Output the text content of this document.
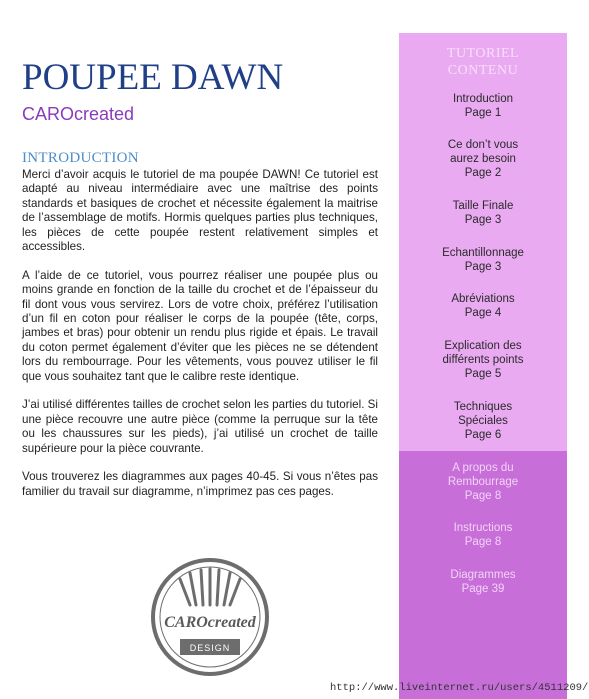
POUPEE DAWN
CAROcreated
INTRODUCTION

Merci d’avoir acquis le tutoriel de ma poupée DAWN! Ce tutoriel est adapté au niveau intermédiaire avec une maîtrise des points standards et basiques de crochet et nécessite également la maitrise de l’assemblage de motifs. Hormis quelques parties plus techniques, les pièces de cette poupée restent relativement simples et accessibles.

A l’aide de ce tutoriel, vous pourrez réaliser une poupée plus ou moins grande en fonction de la taille du crochet et de l’épaisseur du fil dont vous vous servirez. Lors de votre choix, préférez l’utilisation d’un fil en coton pour réaliser le corps de la poupée (tête, corps, jambes et bras) pour obtenir un rendu plus rigide et épais. Le travail du coton permet également d’éviter que les pièces ne se détendent lors du rembourrage. Pour les vêtements, vous pouvez utiliser le fil que vous souhaitez tant que le calibre reste identique.

J’ai utilisé différentes tailles de crochet selon les parties du tutoriel. Si une pièce recouvre une autre pièce (comme la perruque sur la tête ou les chaussures sur les pieds), j’ai utilisé un crochet de taille supérieure pour la pièce couvrante.

Vous trouverez les diagrammes aux pages 40-45. Si vous n’êtes pas familier du travail sur diagramme, n’imprimez pas ces pages.

CAROcreated
DESIGN
TUTORIEL
CONTENU
Introduction
Page 1
Ce don’t vous
aurez besoin
Page 2
Taille Finale
Page 3
Echantillonnage
Page 3
Abréviations
Page 4
Explication des
différents points
Page 5
Techniques
Spéciales
Page 6
A propos du
Rembourrage
Page 8
Instructions
Page 8
Diagrammes
Page 39
http://www.liveinternet.ru/users/4511209/
